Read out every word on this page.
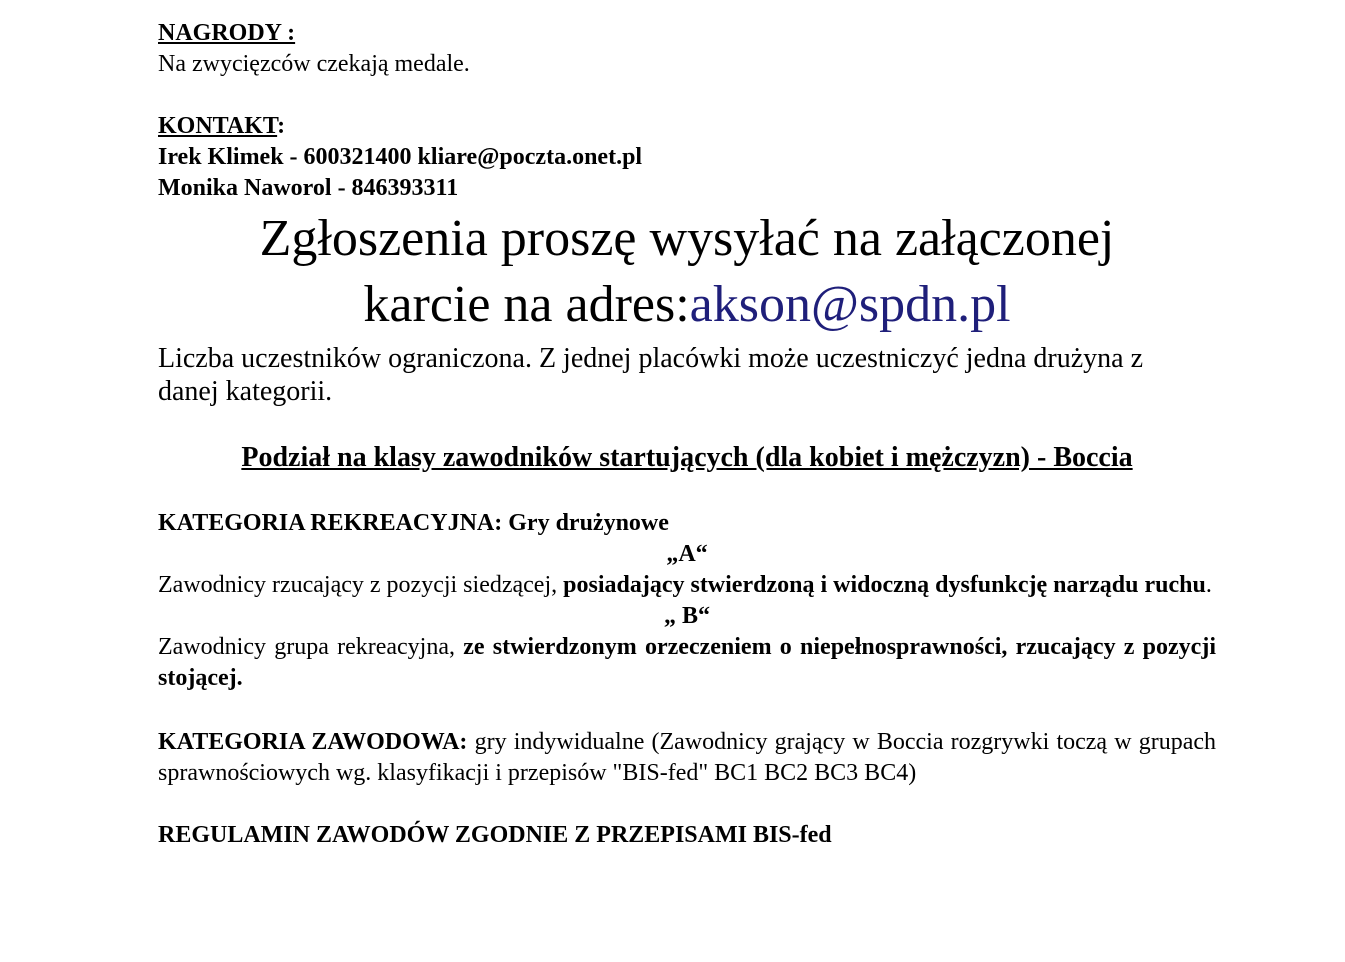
NAGRODY :
Na zwycięzców czekają medale.
KONTAKT:
Irek Klimek - 600321400 kliare@poczta.onet.pl
Monika Naworol - 846393311
Zgłoszenia proszę wysyłać na załączonej
karcie na adres:akson@spdn.pl
Liczba uczestników ograniczona. Z jednej placówki może uczestniczyć jedna drużyna z danej kategorii.
Podział na klasy zawodników startujących (dla kobiet i mężczyzn) - Boccia
KATEGORIA REKREACYJNA: Gry drużynowe
„A“
Zawodnicy rzucający z pozycji siedzącej, posiadający stwierdzoną i widoczną dysfunkcję narządu ruchu.
„ B“
Zawodnicy grupa rekreacyjna, ze stwierdzonym orzeczeniem o niepełnosprawności, rzucający z pozycji stojącej.
KATEGORIA ZAWODOWA: gry indywidualne (Zawodnicy grający w Boccia rozgrywki toczą w grupach sprawnościowych wg. klasyfikacji i przepisów "BIS-fed" BC1 BC2 BC3 BC4)
REGULAMIN ZAWODÓW ZGODNIE Z PRZEPISAMI BIS-fed
